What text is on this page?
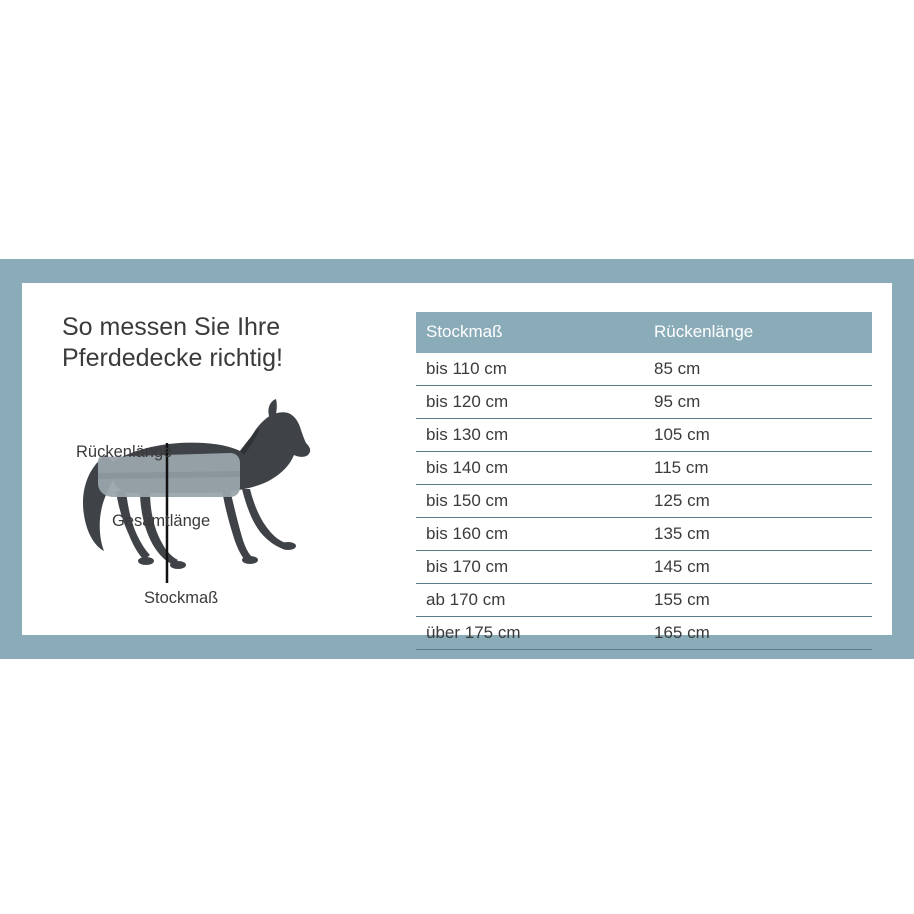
So messen Sie Ihre Pferdedecke richtig!
Rückenlänge
Gesamtlänge
Stockmaß
Stockmaß	Rückenlänge
bis 110 cm	85 cm
bis 120 cm	95 cm
bis 130 cm	105 cm
bis 140 cm	115 cm
bis 150 cm	125 cm
bis 160 cm	135 cm
bis 170 cm	145 cm
ab 170 cm	155 cm
über 175 cm	165 cm
